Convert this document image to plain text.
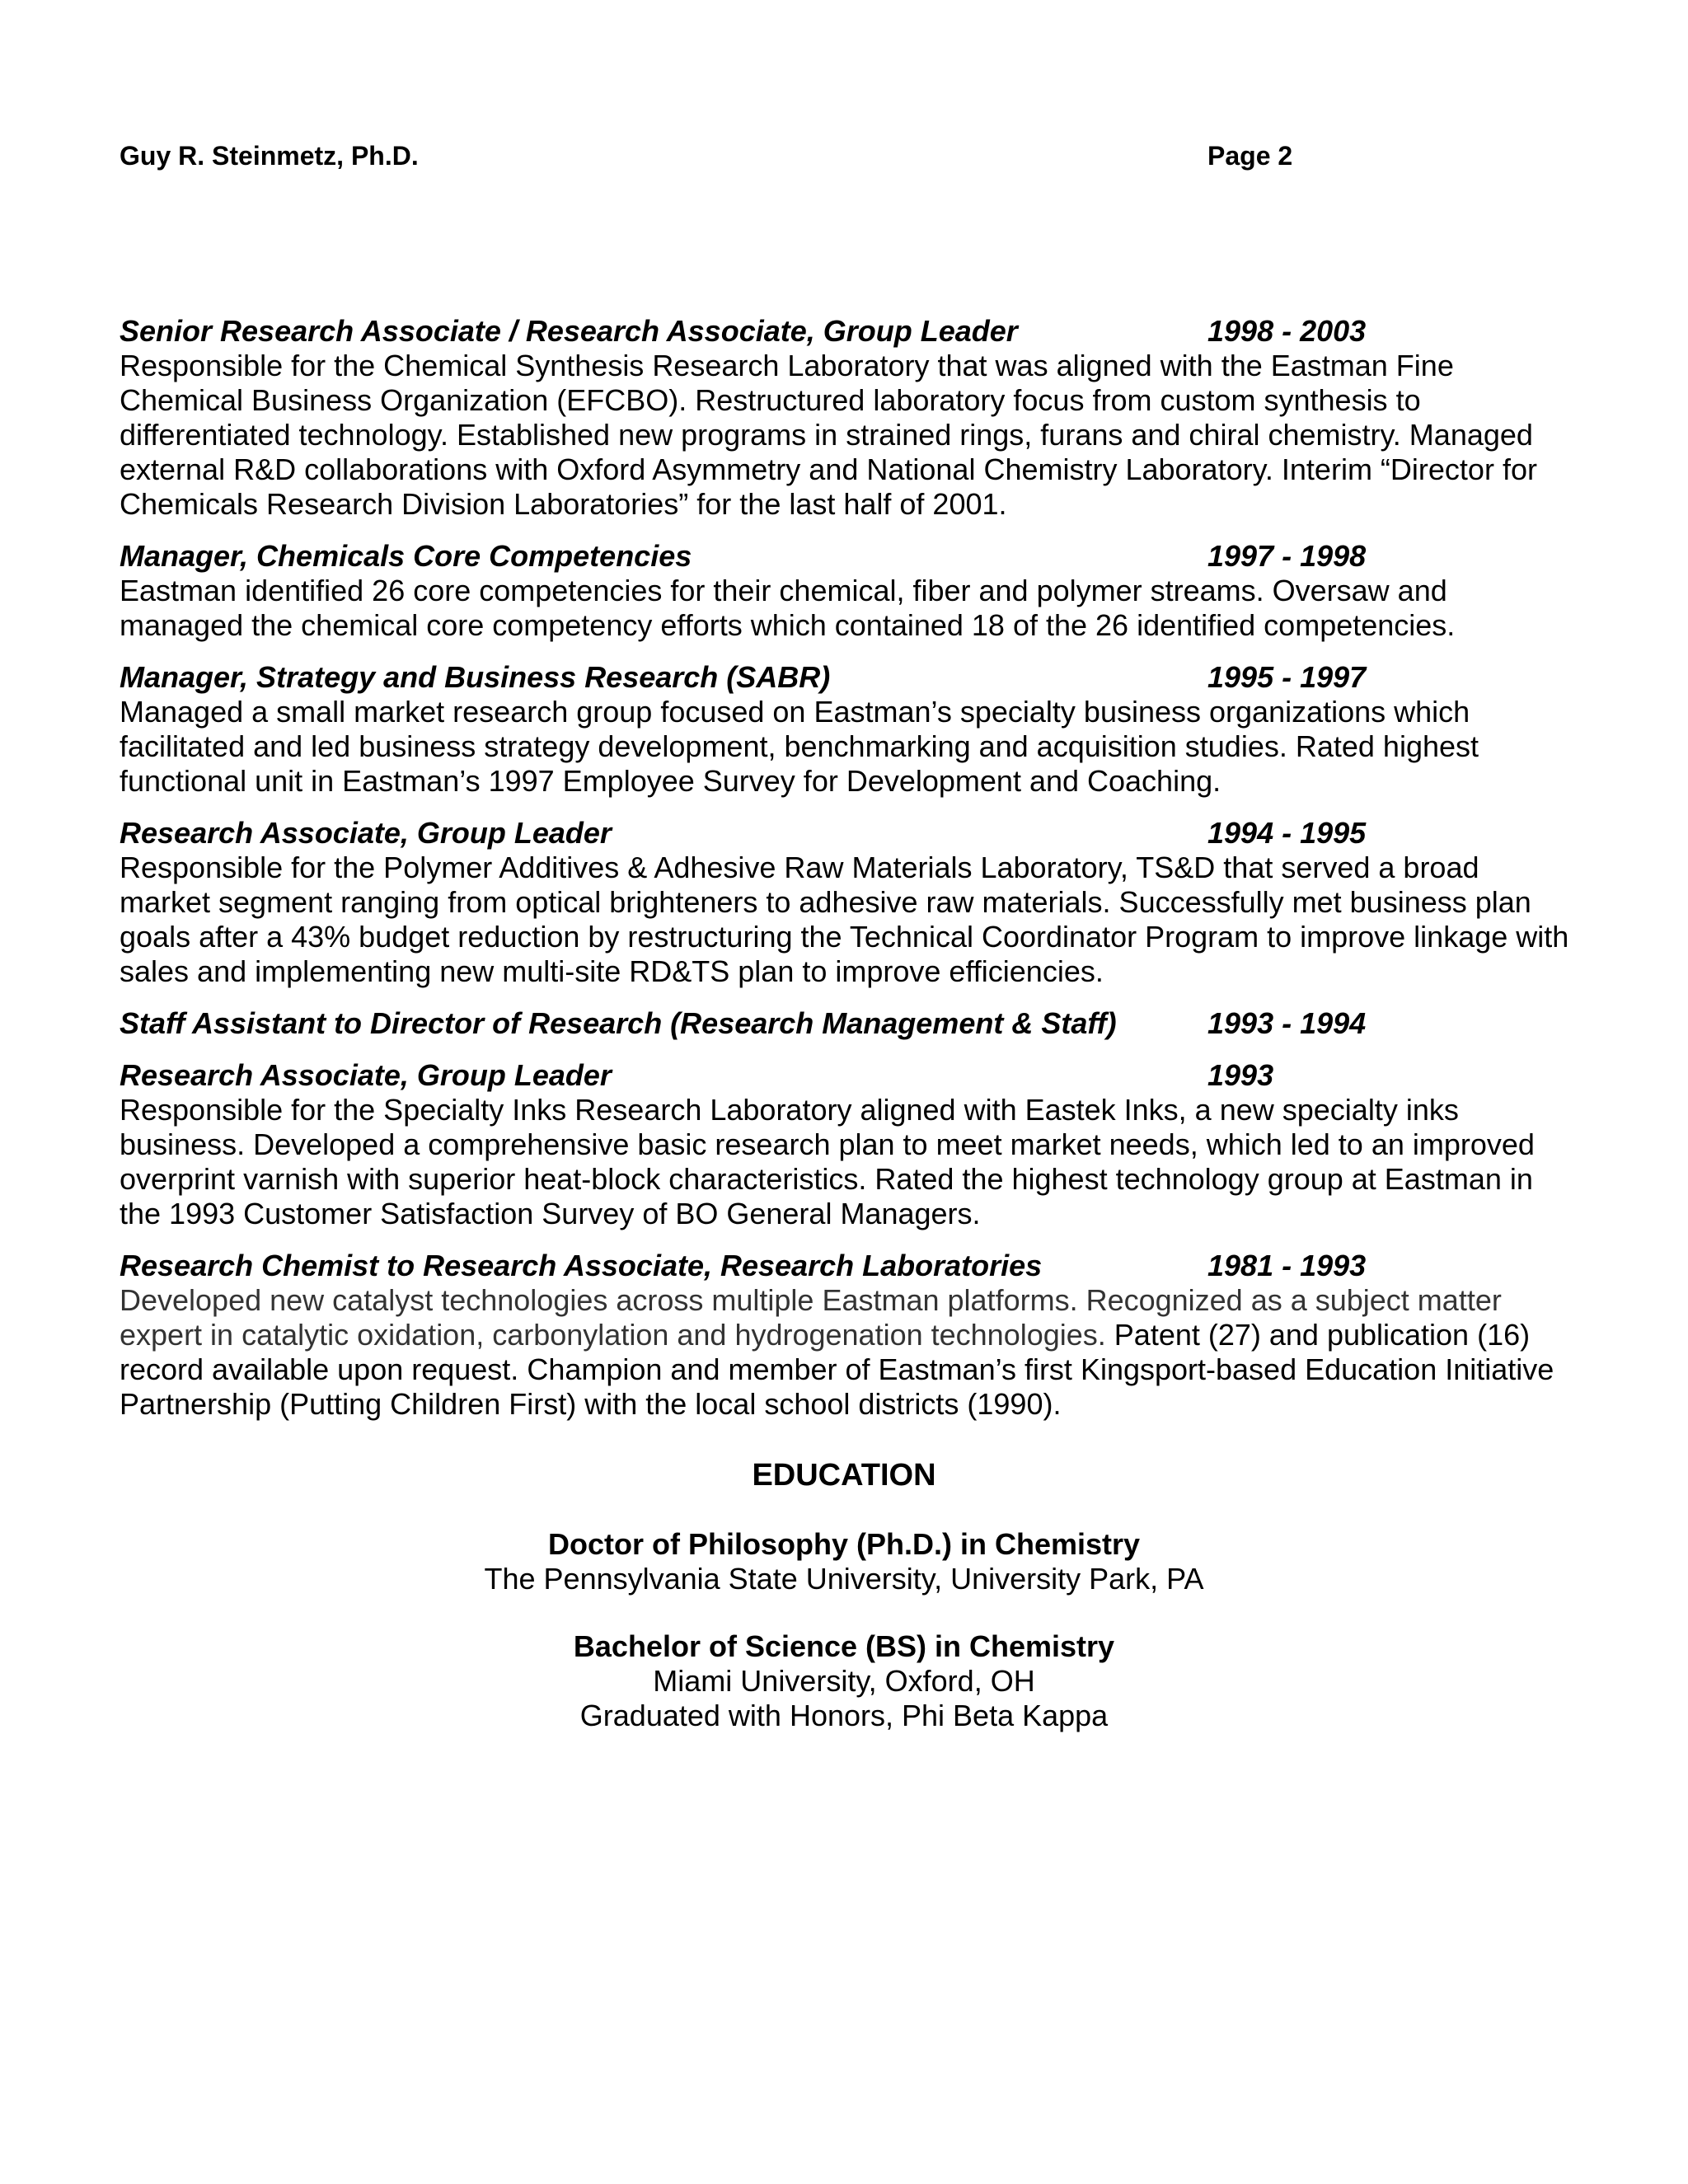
Guy R. Steinmetz, Ph.D.	Page 2
Senior Research Associate / Research Associate, Group Leader	1998 - 2003

Responsible for the Chemical Synthesis Research Laboratory that was aligned with the Eastman Fine Chemical Business Organization (EFCBO). Restructured laboratory focus from custom synthesis to differentiated technology. Established new programs in strained rings, furans and chiral chemistry. Managed external R&D collaborations with Oxford Asymmetry and National Chemistry Laboratory. Interim “Director for Chemicals Research Division Laboratories” for the last half of 2001.

Manager, Chemicals Core Competencies	1997 - 1998

Eastman identified 26 core competencies for their chemical, fiber and polymer streams. Oversaw and managed the chemical core competency efforts which contained 18 of the 26 identified competencies.

Manager, Strategy and Business Research (SABR)	1995 - 1997

Managed a small market research group focused on Eastman’s specialty business organizations which facilitated and led business strategy development, benchmarking and acquisition studies. Rated highest functional unit in Eastman’s 1997 Employee Survey for Development and Coaching.

Research Associate, Group Leader	1994 - 1995

Responsible for the Polymer Additives & Adhesive Raw Materials Laboratory, TS&D that served a broad market segment ranging from optical brighteners to adhesive raw materials. Successfully met business plan goals after a 43% budget reduction by restructuring the Technical Coordinator Program to improve linkage with sales and implementing new multi-site RD&TS plan to improve efficiencies.

Staff Assistant to Director of Research (Research Management & Staff)	1993 - 1994
Research Associate, Group Leader	1993

Responsible for the Specialty Inks Research Laboratory aligned with Eastek Inks, a new specialty inks business. Developed a comprehensive basic research plan to meet market needs, which led to an improved overprint varnish with superior heat-block characteristics. Rated the highest technology group at Eastman in the 1993 Customer Satisfaction Survey of BO General Managers.

Research Chemist to Research Associate, Research Laboratories	1981 - 1993

Developed new catalyst technologies across multiple Eastman platforms. Recognized as a subject matter expert in catalytic oxidation, carbonylation and hydrogenation technologies. Patent (27) and publication (16) record available upon request. Champion and member of Eastman’s first Kingsport-based Education Initiative Partnership (Putting Children First) with the local school districts (1990).

EDUCATION
Doctor of Philosophy (Ph.D.) in Chemistry
The Pennsylvania State University, University Park, PA
Bachelor of Science (BS) in Chemistry
Miami University, Oxford, OH
Graduated with Honors, Phi Beta Kappa
